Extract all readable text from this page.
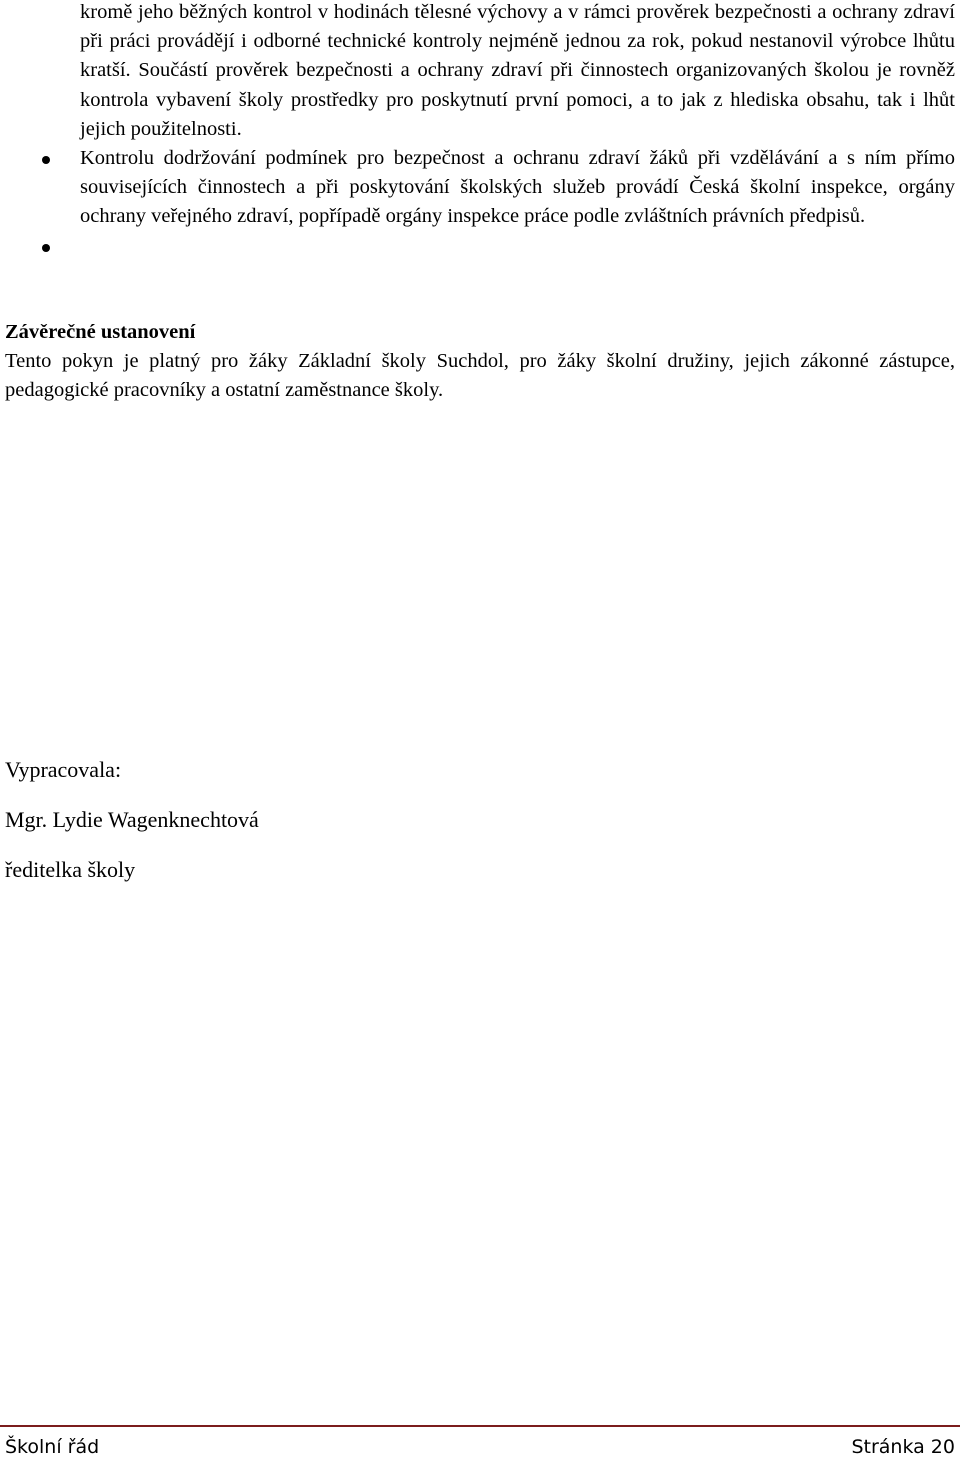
kromě jeho běžných kontrol v hodinách tělesné výchovy a v rámci prověrek bezpečnosti a ochrany zdraví při práci provádějí i odborné technické kontroly nejméně jednou za rok, pokud nestanovil výrobce lhůtu kratší. Součástí prověrek bezpečnosti a ochrany zdraví při činnostech organizovaných školou je rovněž kontrola vybavení školy prostředky pro poskytnutí první pomoci, a to jak z hlediska obsahu, tak i lhůt jejich použitelnosti.

Kontrolu dodržování podmínek pro bezpečnost a ochranu zdraví žáků při vzdělávání a s ním přímo souvisejících činnostech a při poskytování školských služeb provádí Česká školní inspekce, orgány ochrany veřejného zdraví, popřípadě orgány inspekce práce podle zvláštních právních předpisů.

Závěrečné ustanovení

Tento pokyn je platný pro žáky Základní školy Suchdol, pro žáky školní družiny, jejich zákonné zástupce, pedagogické pracovníky a ostatní zaměstnance školy.

Vypracovala:

Mgr. Lydie Wagenknechtová

ředitelka školy

Školní řád	Stránka 20
